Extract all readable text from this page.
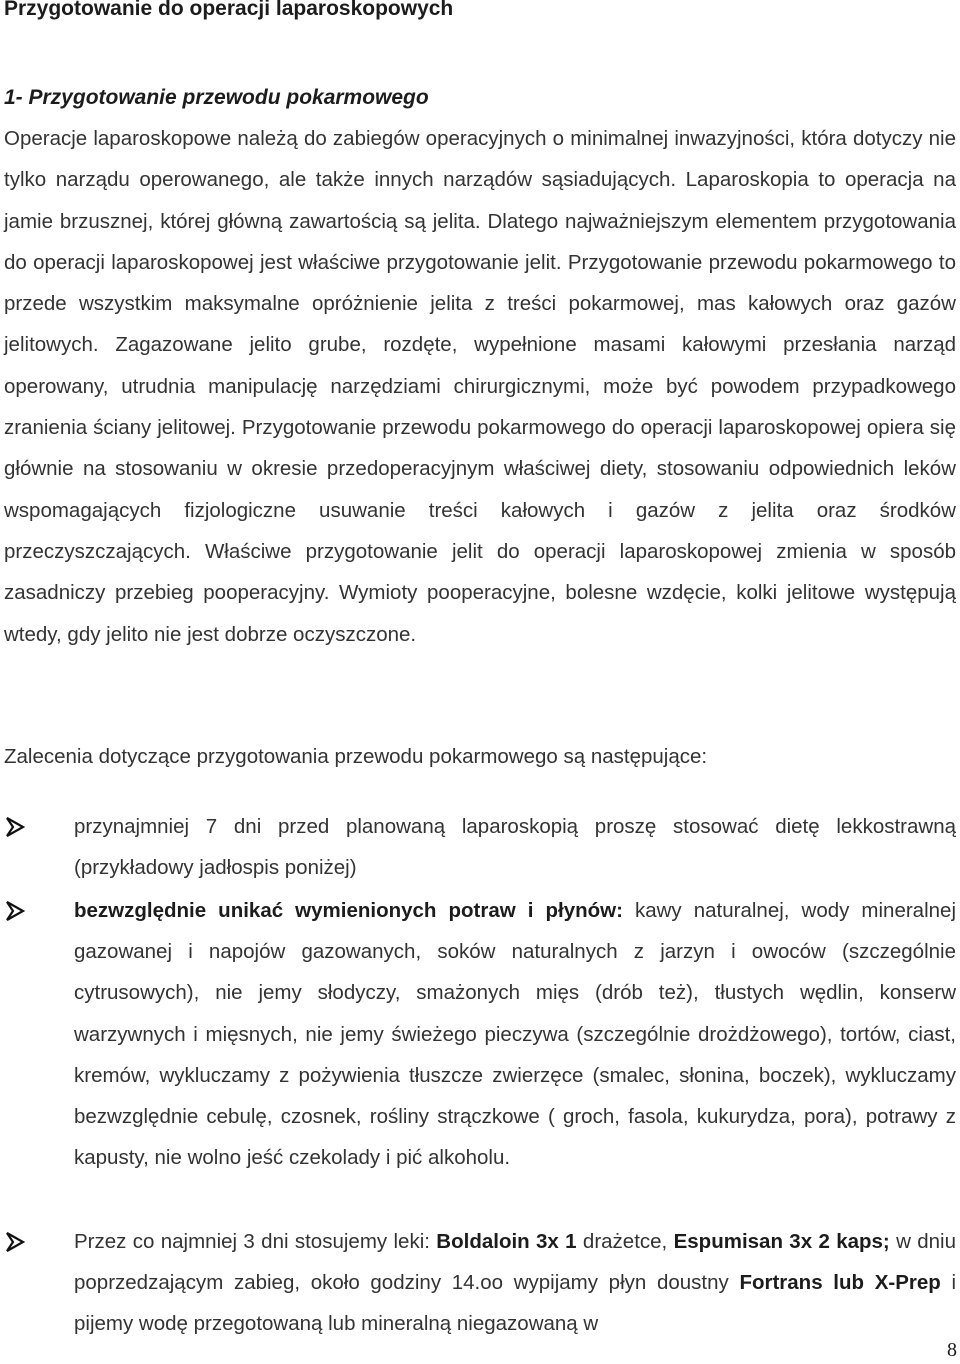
Przygotowanie do operacji laparoskopowych
1- Przygotowanie przewodu pokarmowego

Operacje laparoskopowe należą do zabiegów operacyjnych o minimalnej inwazyjności, która dotyczy nie tylko narządu operowanego, ale także innych narządów sąsiadujących. Laparoskopia to operacja na jamie brzusznej, której główną zawartością są jelita. Dlatego najważniejszym elementem przygotowania do operacji laparoskopowej jest właściwe przygotowanie jelit. Przygotowanie przewodu pokarmowego to przede wszystkim maksymalne opróżnienie jelita z treści pokarmowej, mas kałowych oraz gazów jelitowych. Zagazowane jelito grube, rozdęte, wypełnione masami kałowymi przesłania narząd operowany, utrudnia manipulację narzędziami chirurgicznymi, może być powodem przypadkowego zranienia ściany jelitowej. Przygotowanie przewodu pokarmowego do operacji laparoskopowej opiera się głównie na stosowaniu w okresie przedoperacyjnym właściwej diety, stosowaniu odpowiednich leków wspomagających fizjologiczne usuwanie treści kałowych i gazów z jelita oraz środków przeczyszczających. Właściwe przygotowanie jelit do operacji laparoskopowej zmienia w sposób zasadniczy przebieg pooperacyjny. Wymioty pooperacyjne, bolesne wzdęcie, kolki jelitowe występują wtedy, gdy jelito nie jest dobrze oczyszczone.

Zalecenia dotyczące przygotowania przewodu pokarmowego są następujące:

przynajmniej 7 dni przed planowaną laparoskopią proszę stosować dietę lekkostrawną (przykładowy jadłospis poniżej)
bezwzględnie unikać wymienionych potraw i płynów: kawy naturalnej, wody mineralnej gazowanej i napojów gazowanych, soków naturalnych z jarzyn i owoców (szczególnie cytrusowych), nie jemy słodyczy, smażonych mięs (drób też), tłustych wędlin, konserw warzywnych i mięsnych, nie jemy świeżego pieczywa (szczególnie drożdżowego), tortów, ciast, kremów, wykluczamy z pożywienia tłuszcze zwierzęce (smalec, słonina, boczek), wykluczamy bezwzględnie cebulę, czosnek, rośliny strączkowe ( groch, fasola, kukurydza, pora), potrawy z kapusty, nie wolno jeść czekolady i pić alkoholu.
Przez co najmniej 3 dni stosujemy leki: Boldaloin 3x 1 drażetce, Espumisan 3x 2 kaps; w dniu poprzedzającym zabieg, około godziny 14.oo wypijamy płyn doustny Fortrans lub X-Prep i pijemy wodę przegotowaną lub mineralną niegazowaną w
8
